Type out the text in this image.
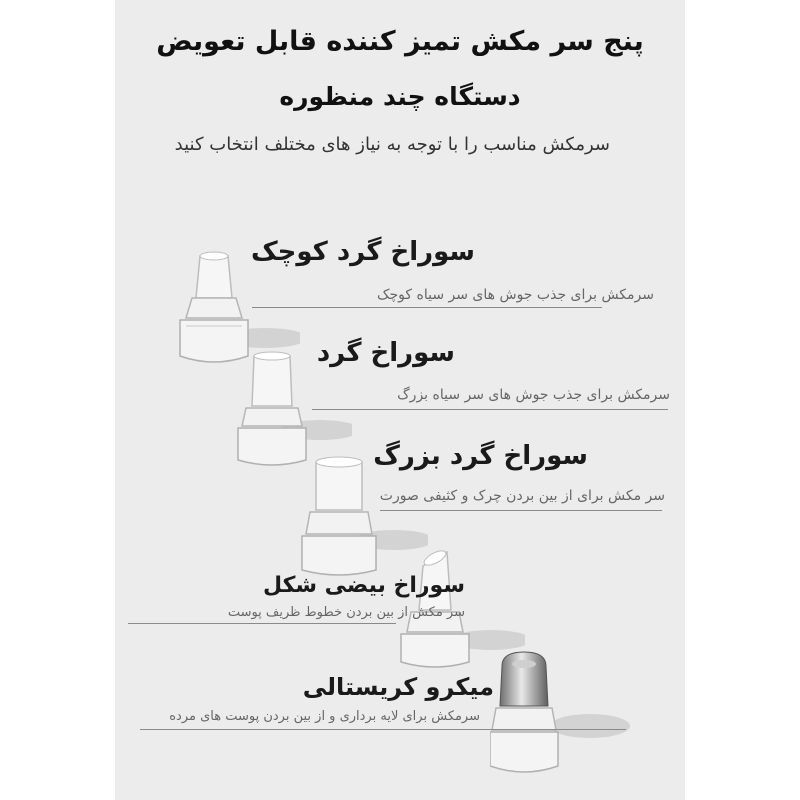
پنج سر مکش تمیز کننده قابل تعویض
دستگاه چند منظوره
سرمکش مناسب را با توجه به نیاز های مختلف انتخاب کنید
سوراخ گرد کوچک
سرمکش برای جذب جوش های سر سیاه کوچک
سوراخ گرد
سرمکش برای جذب جوش های سر سیاه بزرگ
سوراخ گرد بزرگ
سر مکش برای از بین بردن چرک و کثیفی صورت
سوراخ بیضی شکل
سر مکش از بین بردن خطوط ظریف پوست
میکرو کریستالی
سرمکش برای لایه برداری و از بین بردن پوست های مرده
